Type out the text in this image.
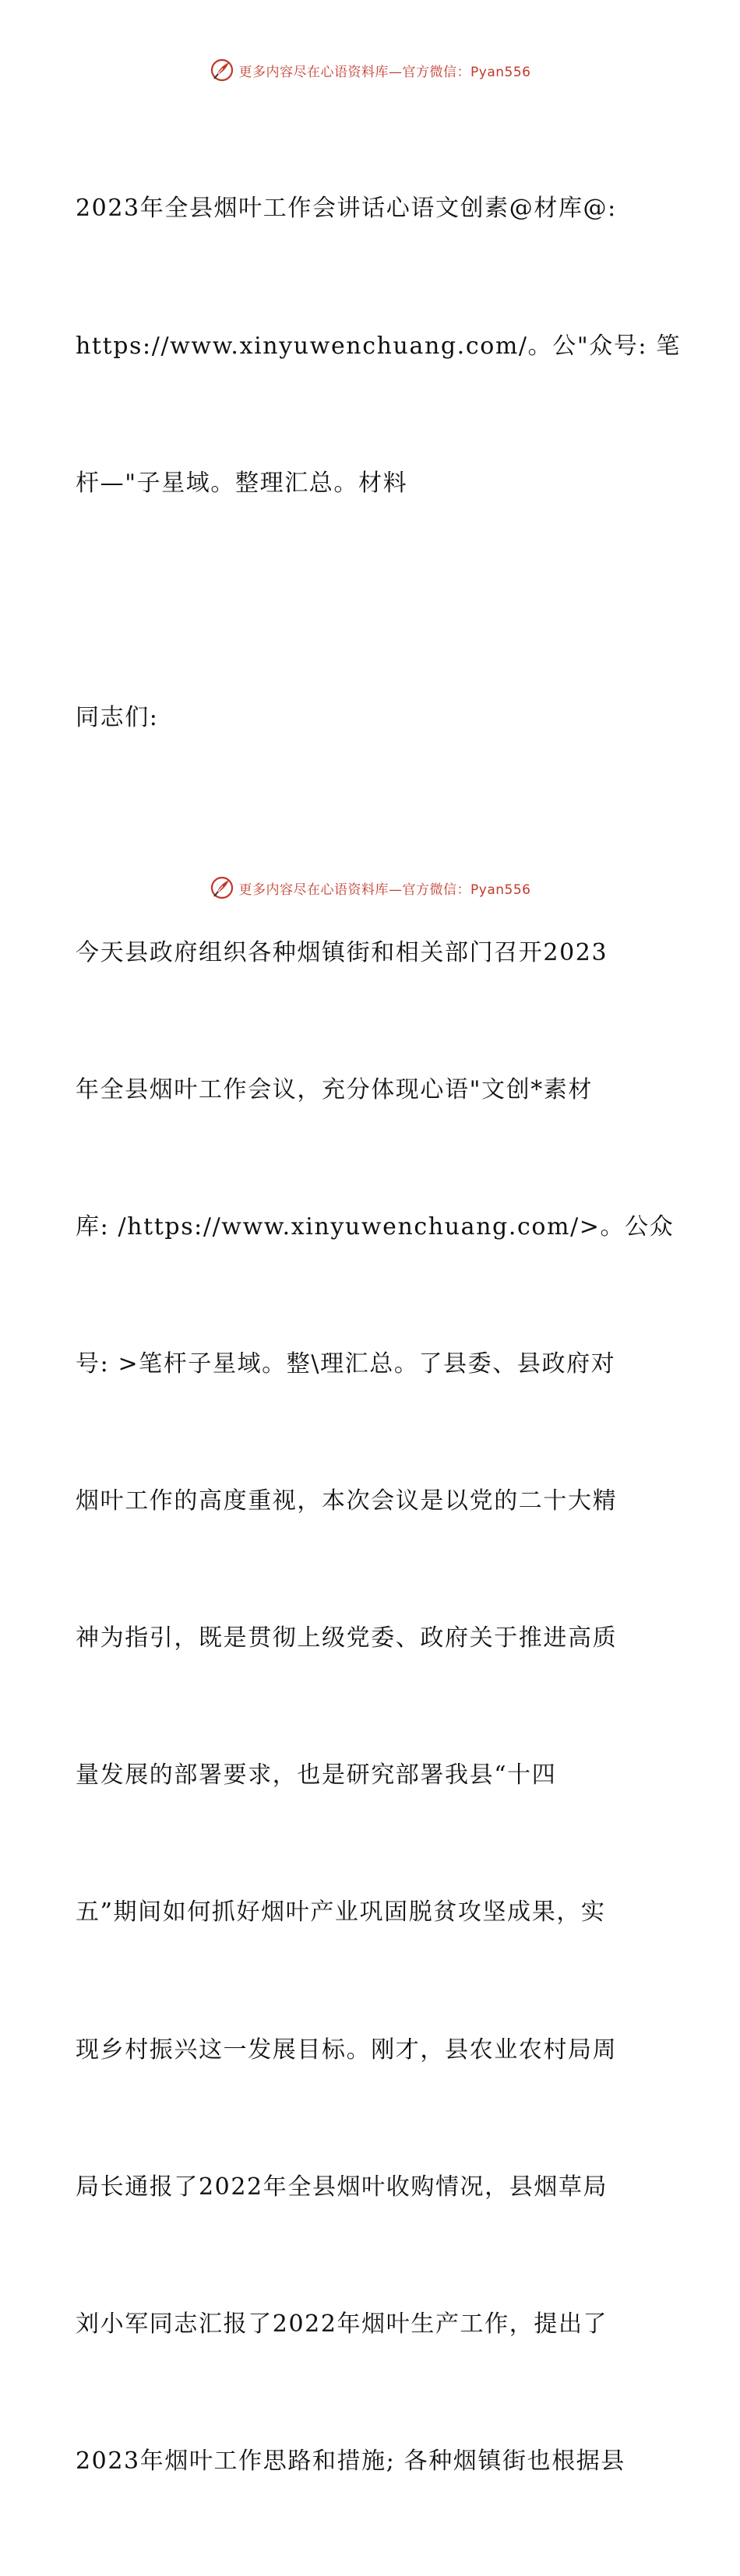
更多内容尽在心语资料库—官方微信：Pyan556

2023年全县烟叶工作会讲话心语文创素@材库@:

https://www.xinyuwenchuang.com/。公"众号: 笔

杆—"子星域。整理汇总。材料

同志们:

今天县政府组织各种烟镇街和相关部门召开2023

年全县烟叶工作会议，充分体现心语"文创*素材

库: /https://www.xinyuwenchuang.com/>。公众

号: >笔杆子星域。整\理汇总。了县委、县政府对

烟叶工作的高度重视，本次会议是以党的二十大精

神为指引，既是贯彻上级党委、政府关于推进高质

量发展的部署要求，也是研究部署我县“十四

五”期间如何抓好烟叶产业巩固脱贫攻坚成果，实

现乡村振兴这一发展目标。刚才，县农业农村局周

局长通报了2022年全县烟叶收购情况，县烟草局

刘小军同志汇报了2022年烟叶生产工作，提出了

2023年烟叶工作思路和措施; 各种烟镇街也根据县

更多内容尽在心语资料库—官方微信：Pyan556
